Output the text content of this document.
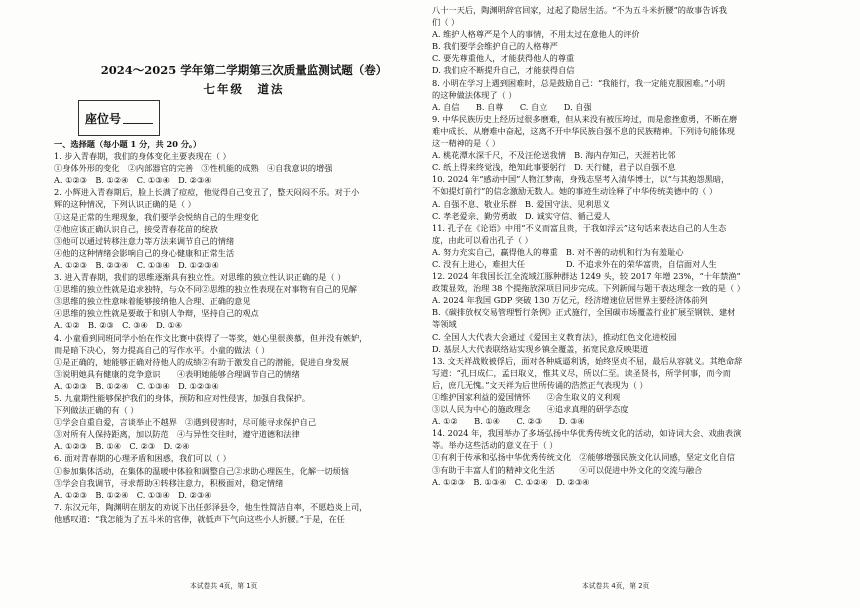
2024～2025 学年第二学期第三次质量监测试题（卷）
七年级　道法
座位号
一、选择题（每小题 1 分，共 20 分。）
1. 步入青春期，我们的身体变化主要表现在（ ）
①身体外形的变化　②内部器官的完善　③性机能的成熟　④自我意识的增强
A. ①②③　B. ①②④　C. ①③④　D. ②③④
2. 小辉进入青春期后，脸上长满了痘痘，他觉得自己变丑了，整天闷闷不乐。对于小
辉的这种情况，下列认识正确的是（ ）
①这是正常的生理现象，我们要学会悦纳自己的生理变化
②他应该正确认识自己，接受青春花苗的绽放
③他可以通过转移注意力等方法来调节自己的情绪
④他的这种情绪会影响自己的身心健康和正常生活
A. ①②③　B. ②③④　C. ①③④　D. ①②③④
3. 进入青春期，我们的思维逐渐具有独立性。对思维的独立性认识正确的是（ ）
①思维的独立性就是追求独特，与众不同②思维的独立性表现在对事物有自己的见解
③思维的独立性意味着能够接纳他人合理、正确的意见
④思维的独立性就是要敢于和别人争辩，坚持自己的观点
A. ①②　B. ②③　C. ③④　D. ①④
4. 小童看到同班同学小怡在作文比赛中获得了一等奖，她心里很羡慕，但并没有嫉妒，
而是暗下决心，努力提高自己的写作水平。小童的做法（ ）
①是正确的，她能够正确对待他人的成绩②有助于激发自己的潜能，促进自身发展
③说明她具有健康的竞争意识　　④表明她能够合理调节自己的情绪
A. ①②③　B. ①②④　C. ①③④　D. ①②③④
5. 九童期性能够保护我们的身体，预防和应对性侵害，加强自我保护。
下列做法正确的有（ ）
①学会自重自爱，言谈举止不越界　②遇到侵害时，尽可能寻求保护自己
③对所有人保持距离，加以防范　④与异性交往时，遵守道德和法律
A. ①②③　B. ①④　C. ②③　D. ②④
6. 面对青春期的心理矛盾和困惑，我们可以（ ）
①参加集体活动，在集体的温暖中体验和调整自己②求助心理医生，化解一切烦恼
③学会自我调节，寻求帮助④转移注意力，积极面对，稳定情绪
A. ①②③　B. ①②④　C. ①③④　D. ②③④
7. 东汉元年，陶渊明在朋友的劝说下出任彭泽县令，他生性简洁自率，不愿趋炎上司，
他感叹道：“我怎能为了五斗米的官俸，就低声下气向这些小人折腰。”于是，在任
本试卷共 4页，第 1页
八十一天后，陶渊明辞官回家，过起了隐居生活。“不为五斗米折腰”的故事告诉我
们（ ）
A. 维护人格尊严是个人的事情，不用太过在意他人的评价
B. 我们要学会维护自己的人格尊严
C. 要先尊重他人，才能获得他人的尊重
D. 我们应不断提升自己，才能获得自信
8. 小明在学习上遇到困难时，总是鼓励自己：“我能行，我一定能克服困难。”小明
的这种做法体现了（ ）
A. 自信　　B. 自尊　　C. 自立　　D. 自强
9. 中华民族历史上经历过很多磨难，但从来没有被压垮过，而是愈挫愈勇，不断在磨
难中成长、从磨难中奋起，这离不开中华民族自强不息的民族精神。下列诗句能体现
这一精神的是（ ）
A. 桃花潭水深千尺，不及汪伦送我情　B. 海内存知己，天涯若比邻
C. 纸上得来终觉浅，绝知此事要躬行　D. 天行健，君子以自强不息
10. 2024 年“感动中国”人物江梦南，身残志坚考入清华博士，以“与其抱怨黑暗，
不如提灯前行”的信念激励无数人。她的事迹生动诠释了中华传统美德中的（ ）
A. 自强不息、敬业乐群　B. 爱国守法、见利思义
C. 孝老爱亲、勤劳勇敢　D. 诚实守信、循己爱人
11. 孔子在《论语》中用“不义而富且贵，于我如浮云”这句话来表达自己的人生态
度，由此可以看出孔子（ ）
A. 努力充实自己，赢得他人的尊重　B. 对不善的动机和行为有羞耻心
C. 没有上进心，难担大任　　　　　D. 不追求外在的荣华富贵，自信面对人生
12. 2024 年我国长江全流域江豚种群达 1249 头，较 2017 年增 23%，“十年禁渔”
政策显效，治理 38 个提拖放深项目同步完成。下列新闻与题干表达理念一致的是（ ）
A. 2024 年我国 GDP 突破 130 万亿元，经济增速位居世界主要经济体前列
B.《碳排放权交易管理暂行条例》正式施行，全国碳市场覆盖行业扩展至钢铁、建材
等领域
C. 全国人大代表大会通过《爱国主义教育法》，推动红色文化进校园
D. 基层人大代表联络站实现乡镇全覆盖，拓宽民意反映渠道
13. 文天祥战败被俘后，面对各种威逼利诱，始终坚贞不屈，最后从容就义。其绝命辞
写道：“孔曰成仁，孟曰取义，惟其义尽，所以仁至。读圣贤书，所学何事，而今而
后，庶几无愧。”文天祥为后世所传诵的浩然正气表现为（ ）
①维护国家利益的爱国情怀　　②舍生取义的义利观
③以人民为中心的施政理念　　④追求真理的研学态度
A. ①②　　B. ①④　　C. ②③　　D. ③④
14. 2024 年，我国举办了多场弘扬中华优秀传统文化的活动，如诗词大会、戏曲表演
等。举办这些活动的意义在于（ ）
①有利于传承和弘扬中华优秀传统文化　②能够增强民族文化认同感，坚定文化自信
③有助于丰富人们的精神文化生活　　　④可以促进中外文化的交流与融合
A. ①②③　B. ①③④　C. ①②④　D. ②③④
本试卷共 4页，第 2页
